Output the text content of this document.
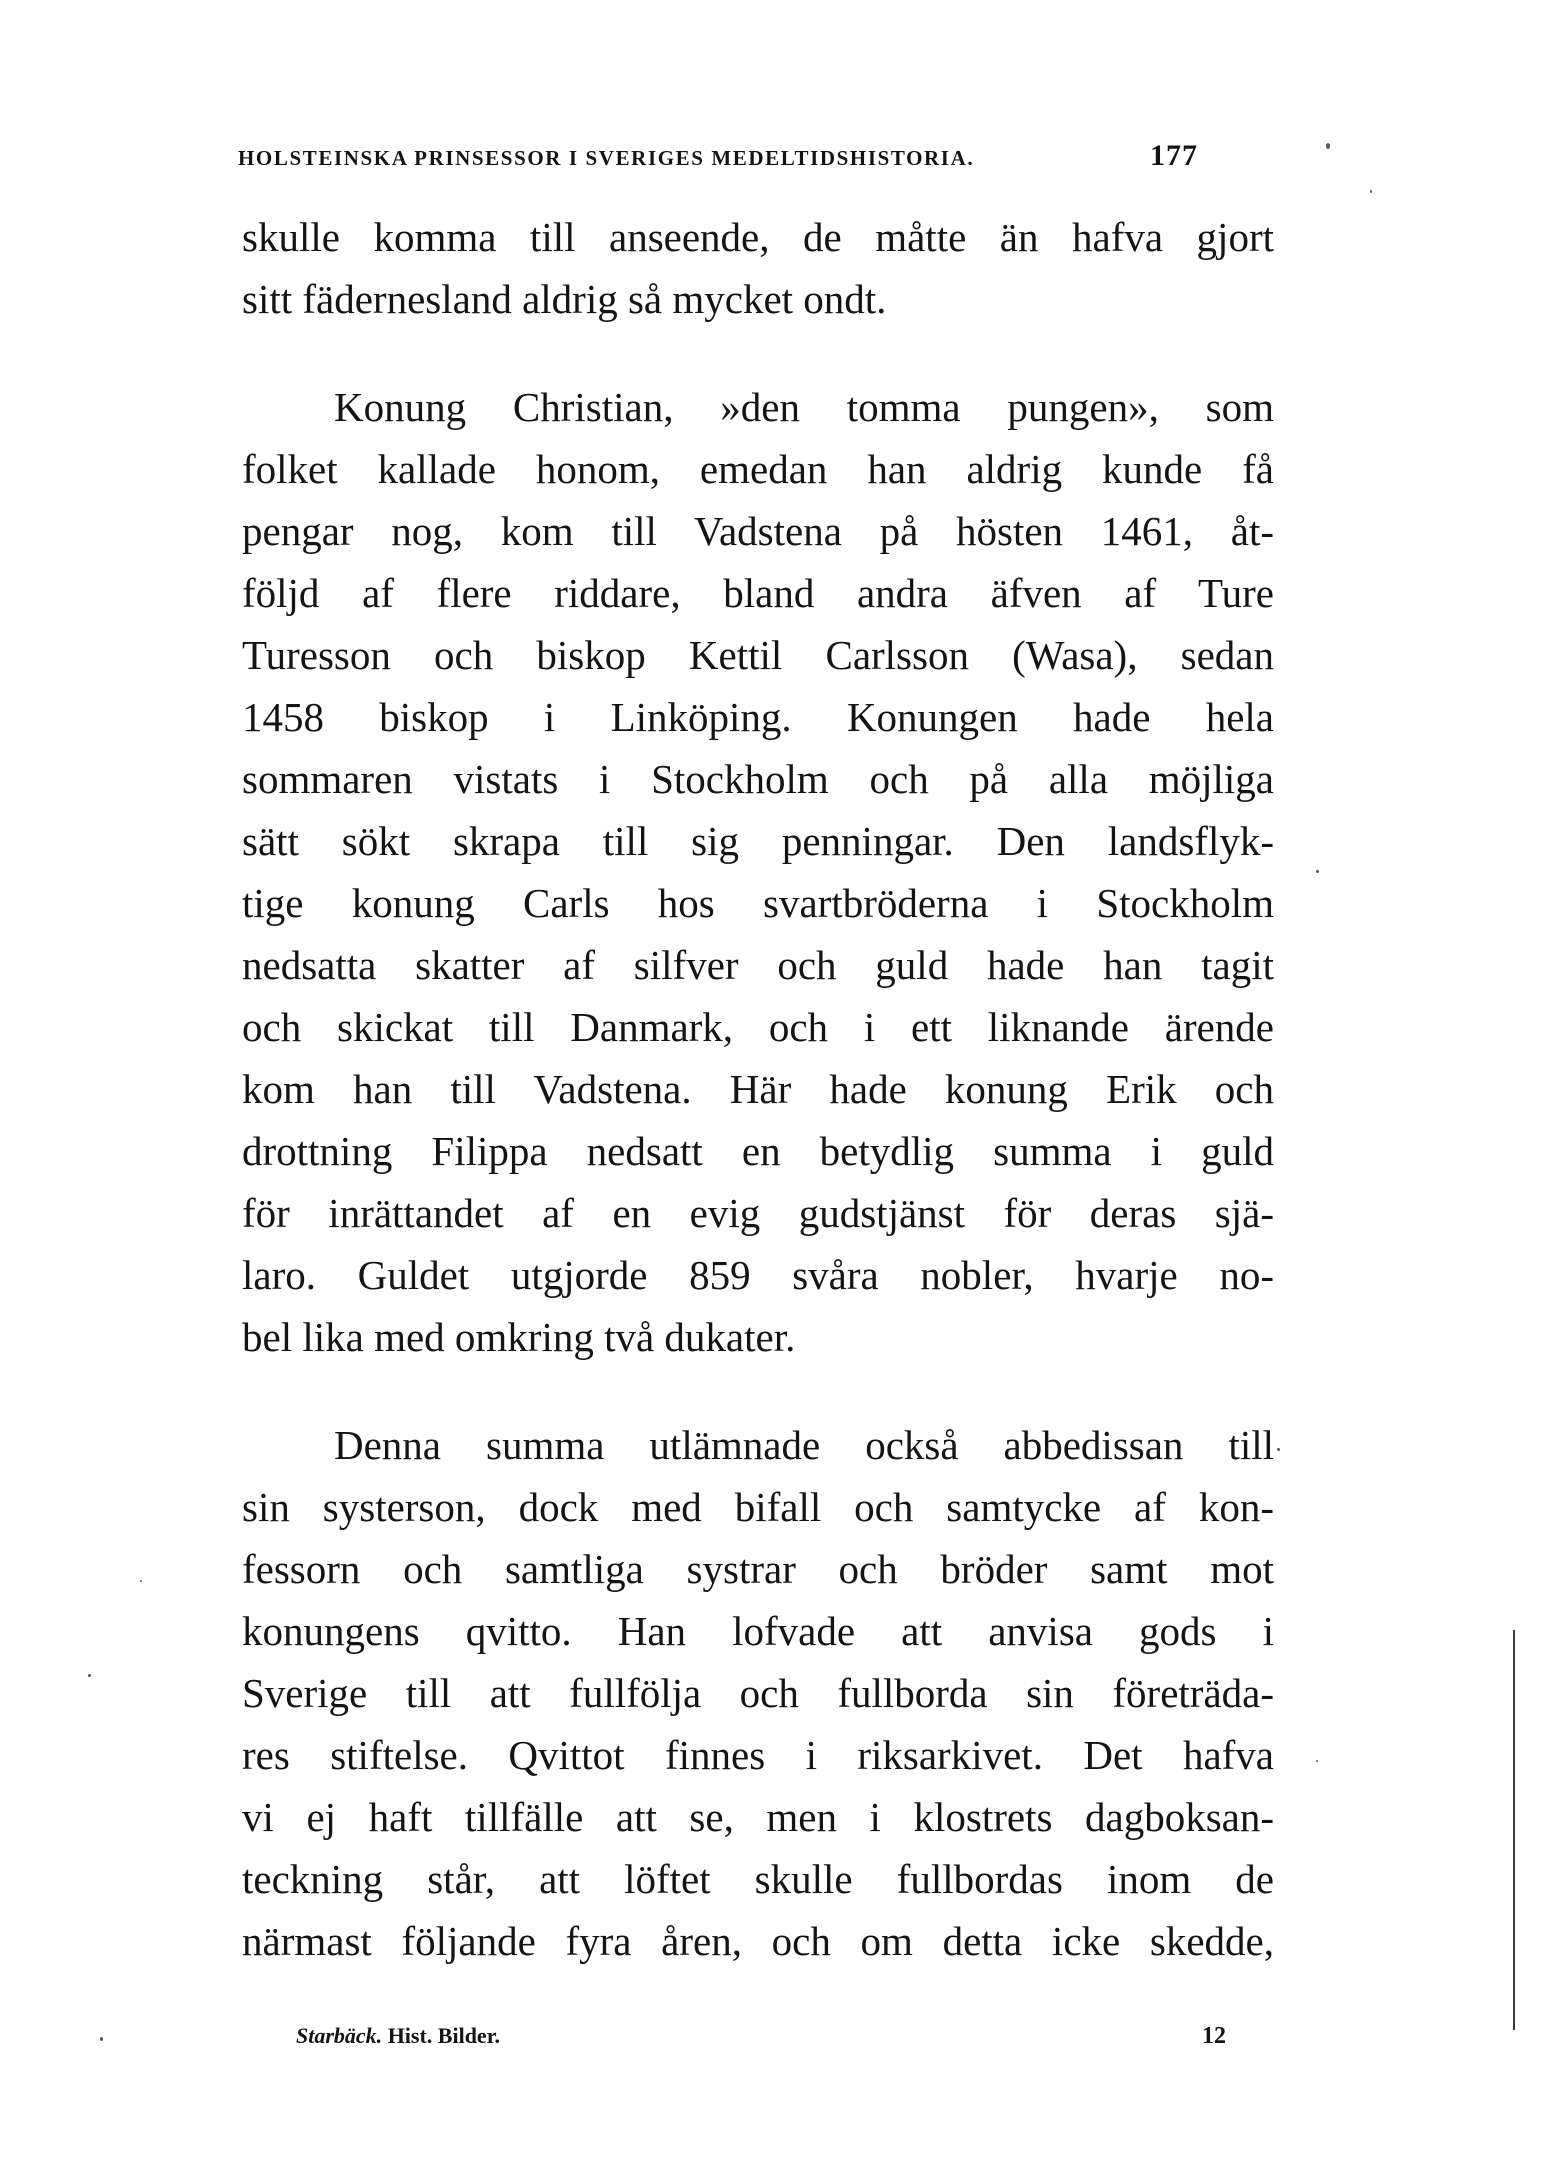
HOLSTEINSKA PRINSESSOR I SVERIGES MEDELTIDSHISTORIA.	177
skulle komma till anseende, de måtte än hafva gjort
sitt fädernesland aldrig så mycket ondt.
Konung Christian, »den tomma pungen», som
folket kallade honom, emedan han aldrig kunde få
pengar nog, kom till Vadstena på hösten 1461, åt-
följd af flere riddare, bland andra äfven af Ture
Turesson och biskop Kettil Carlsson (Wasa), sedan
1458 biskop i Linköping. Konungen hade hela
sommaren vistats i Stockholm och på alla möjliga
sätt sökt skrapa till sig penningar. Den landsflyk-
tige konung Carls hos svartbröderna i Stockholm
nedsatta skatter af silfver och guld hade han tagit
och skickat till Danmark, och i ett liknande ärende
kom han till Vadstena. Här hade konung Erik och
drottning Filippa nedsatt en betydlig summa i guld
för inrättandet af en evig gudstjänst för deras sjä-
laro. Guldet utgjorde 859 svåra nobler, hvarje no-
bel lika med omkring två dukater.
Denna summa utlämnade också abbedissan till
sin systerson, dock med bifall och samtycke af kon-
fessorn och samtliga systrar och bröder samt mot
konungens qvitto. Han lofvade att anvisa gods i
Sverige till att fullfölja och fullborda sin företräda-
res stiftelse. Qvittot finnes i riksarkivet. Det hafva
vi ej haft tillfälle att se, men i klostrets dagboksan-
teckning står, att löftet skulle fullbordas inom de
närmast följande fyra åren, och om detta icke skedde,
Starbäck. Hist. Bilder.	12
